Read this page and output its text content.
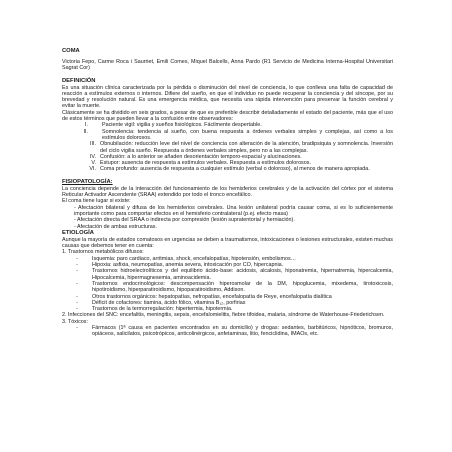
COMA

Victoria Fepo, Carme Roca i Saurriet, Emili Comes, Miquel Balcells, Anna Pardo (R1 Servicio de Medicina Interna-Hospital Universitari Sagrat Cor)

DEFINICIÓN

Es una situación clínica caracterizada por la pérdida o disminución del nivel de conciencia, lo que conlleva una falta de capacidad de reacción a estímulos externos o internos. Difiere del sueño, en que el individuo no puede recuperar la conciencia y del síncope, por su brevedad y resolución natural. Es una emergencia médica, que necesita una rápida intervención para preservar la función cerebral y evitar la muerte.

Clásicamente se ha dividido en seis grados, a pesar de que es preferible describir detalladamente el estado del paciente, más que el uso de estos términos que pueden llevar a la confusión entre observadores:

I.	Paciente vigil: vigilia y sueños fisiológicos. Fácilmente despertable.
II.	Somnolencia: tendencia al sueño, con buena respuesta a órdenes verbales simples y complejas, así como a los estímulos dolorosos.
III. Obnubilación: reducción leve del nivel de conciencia con alteración de la atención, bradipsiquia y somnolencia. Inversión del ciclo vigilia sueño. Respuesta a órdenes verbales simples, pero no a las complejas.
IV. Confusión: a lo anterior se añaden desorientación temporo-espacial y alucinaciones.
V. Estupor: ausencia de respuesta a estímulos verbales. Respuesta a estímulos dolorosos.
VI. Coma profundo: ausencia de respuesta a cualquier estímulo (verbal o doloroso), al menos de manera apropiada.
FISIOPATOLOGÍA:

La conciencia depende de la interacción del funcionamiento de los hemisferios cerebrales y de la activación del córtex por el sistema Reticular Activador Ascendente (SRAA) extendido por todo el tronco encefálico.

El coma tiene lugar si existe:

- Afectación bilateral y difusa de los hemisferios cerebrales. Una lesión unilateral podría causar coma, si es lo suficientemente importante como para comportar efectos en el hemisferio contralateral (p.ej. efecto masa)

- Afectación directa del SRAA o indirecta por compresión (lesión supratentorial y herniación).

- Afectación de ambas estructuras.

ETIOLOGÍA

Aunque la mayoría de estados comatosos en urgencias se deben a traumatismos, intoxicaciones o lesiones estructurales, existen muchas causas que debemos tener en cuenta:

1. Trastornos metabólicos difusos:

-	Isquemia: paro cardiaco, arritmias, shock, encefalopatías, hipotensión, embolismos…
-	Hipoxia: asfixia, neumopatías, anemia severa, intoxicación por CO, hipercapnia.
-	Trastornos hidroelectrolíticos y del equilibrio ácido-base: acidosis, alcalosis, hiponatremia, hipernatremia, hipercalcemia, Hipocalcemia, hipermagnesemia, aminoacidemia.
-	Trastornos endocrinológicos: descompensación hiperosmolar de la DM, hipoglucemia, mixedema, tirotoxicosis, hipotiroidismo, hiperparatiroidismo, hipoparatiroidismo, Addison.
-	Otros trastornos orgánicos: hepatopatías, nefropatías, encefalopatía de Reye, encefalopatía dialítica
-	Déficit de cofactores: tiamina, ácido fólico, vitamina B₁₂, porfirias
-	Trastornos de la termorregulación: hipertermia, hipotermia.

2. Infecciones del SNC: encefalitis, meningitis, sepsis, encefalomielitis, fiebre tifoidea, malaria, síndrome de Waterhouse-Friederichsen.

3. Tóxicos:

-	Fármacos (1ª causa en pacientes encontrados en su domicilio) y drogas: sedantes, barbitúricos, hipnóticos, bromuros, opiáceos, salicilatos, psicotrópicos, anticolinérgicos, anfetaminas, litio, fenciclidina, IMAOs, etc.
